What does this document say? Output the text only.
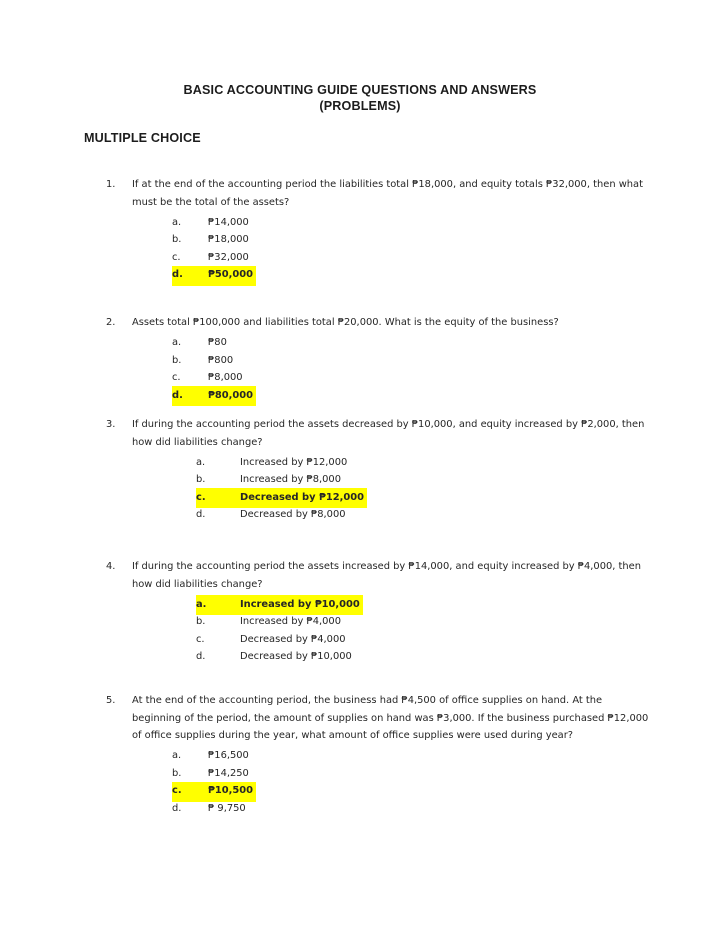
BASIC ACCOUNTING GUIDE QUESTIONS AND ANSWERS
(PROBLEMS)
MULTIPLE CHOICE
1.	If at the end of the accounting period the liabilities total ₱18,000, and equity totals ₱32,000, then what must be the total of the assets?
a.	₱14,000
b.	₱18,000
c.	₱32,000
d.	₱50,000
2.	Assets total ₱100,000 and liabilities total ₱20,000. What is the equity of the business?
a.	₱80
b.	₱800
c.	₱8,000
d.	₱80,000
3.	If during the accounting period the assets decreased by ₱10,000, and equity increased by ₱2,000, then how did liabilities change?
a.	Increased by ₱12,000
b.	Increased by ₱8,000
c.	Decreased by ₱12,000
d.	Decreased by ₱8,000
4.	If during the accounting period the assets increased by ₱14,000, and equity increased by ₱4,000, then how did liabilities change?
a.	Increased by ₱10,000
b.	Increased by ₱4,000
c.	Decreased by ₱4,000
d.	Decreased by ₱10,000
5.	At the end of the accounting period, the business had ₱4,500 of office supplies on hand. At the beginning of the period, the amount of supplies on hand was ₱3,000. If the business purchased ₱12,000 of office supplies during the year, what amount of office supplies were used during year?
a.	₱16,500
b.	₱14,250
c.	₱10,500
d.	₱ 9,750
